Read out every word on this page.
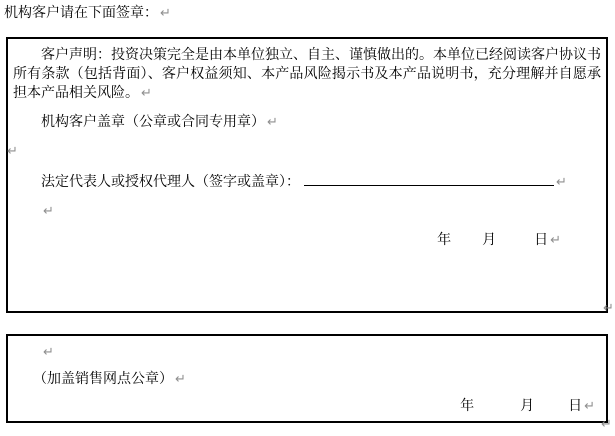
机构客户请在下面签章： ↵

客户声明：投资决策完全是由本单位独立、自主、谨慎做出的。本单位已经阅读客户协议书所有条款（包括背面）、客户权益须知、本产品风险揭示书及本产品说明书，充分理解并自愿承担本产品相关风险。 ↵

机构客户盖章（公章或合同专用章） ↵

↵

法定代表人或授权代理人（签字或盖章）：	↵

↵

年 月	日 ↵

↵

↵

（加盖销售网点公章） ↵

年	月 日 ↵

↵
